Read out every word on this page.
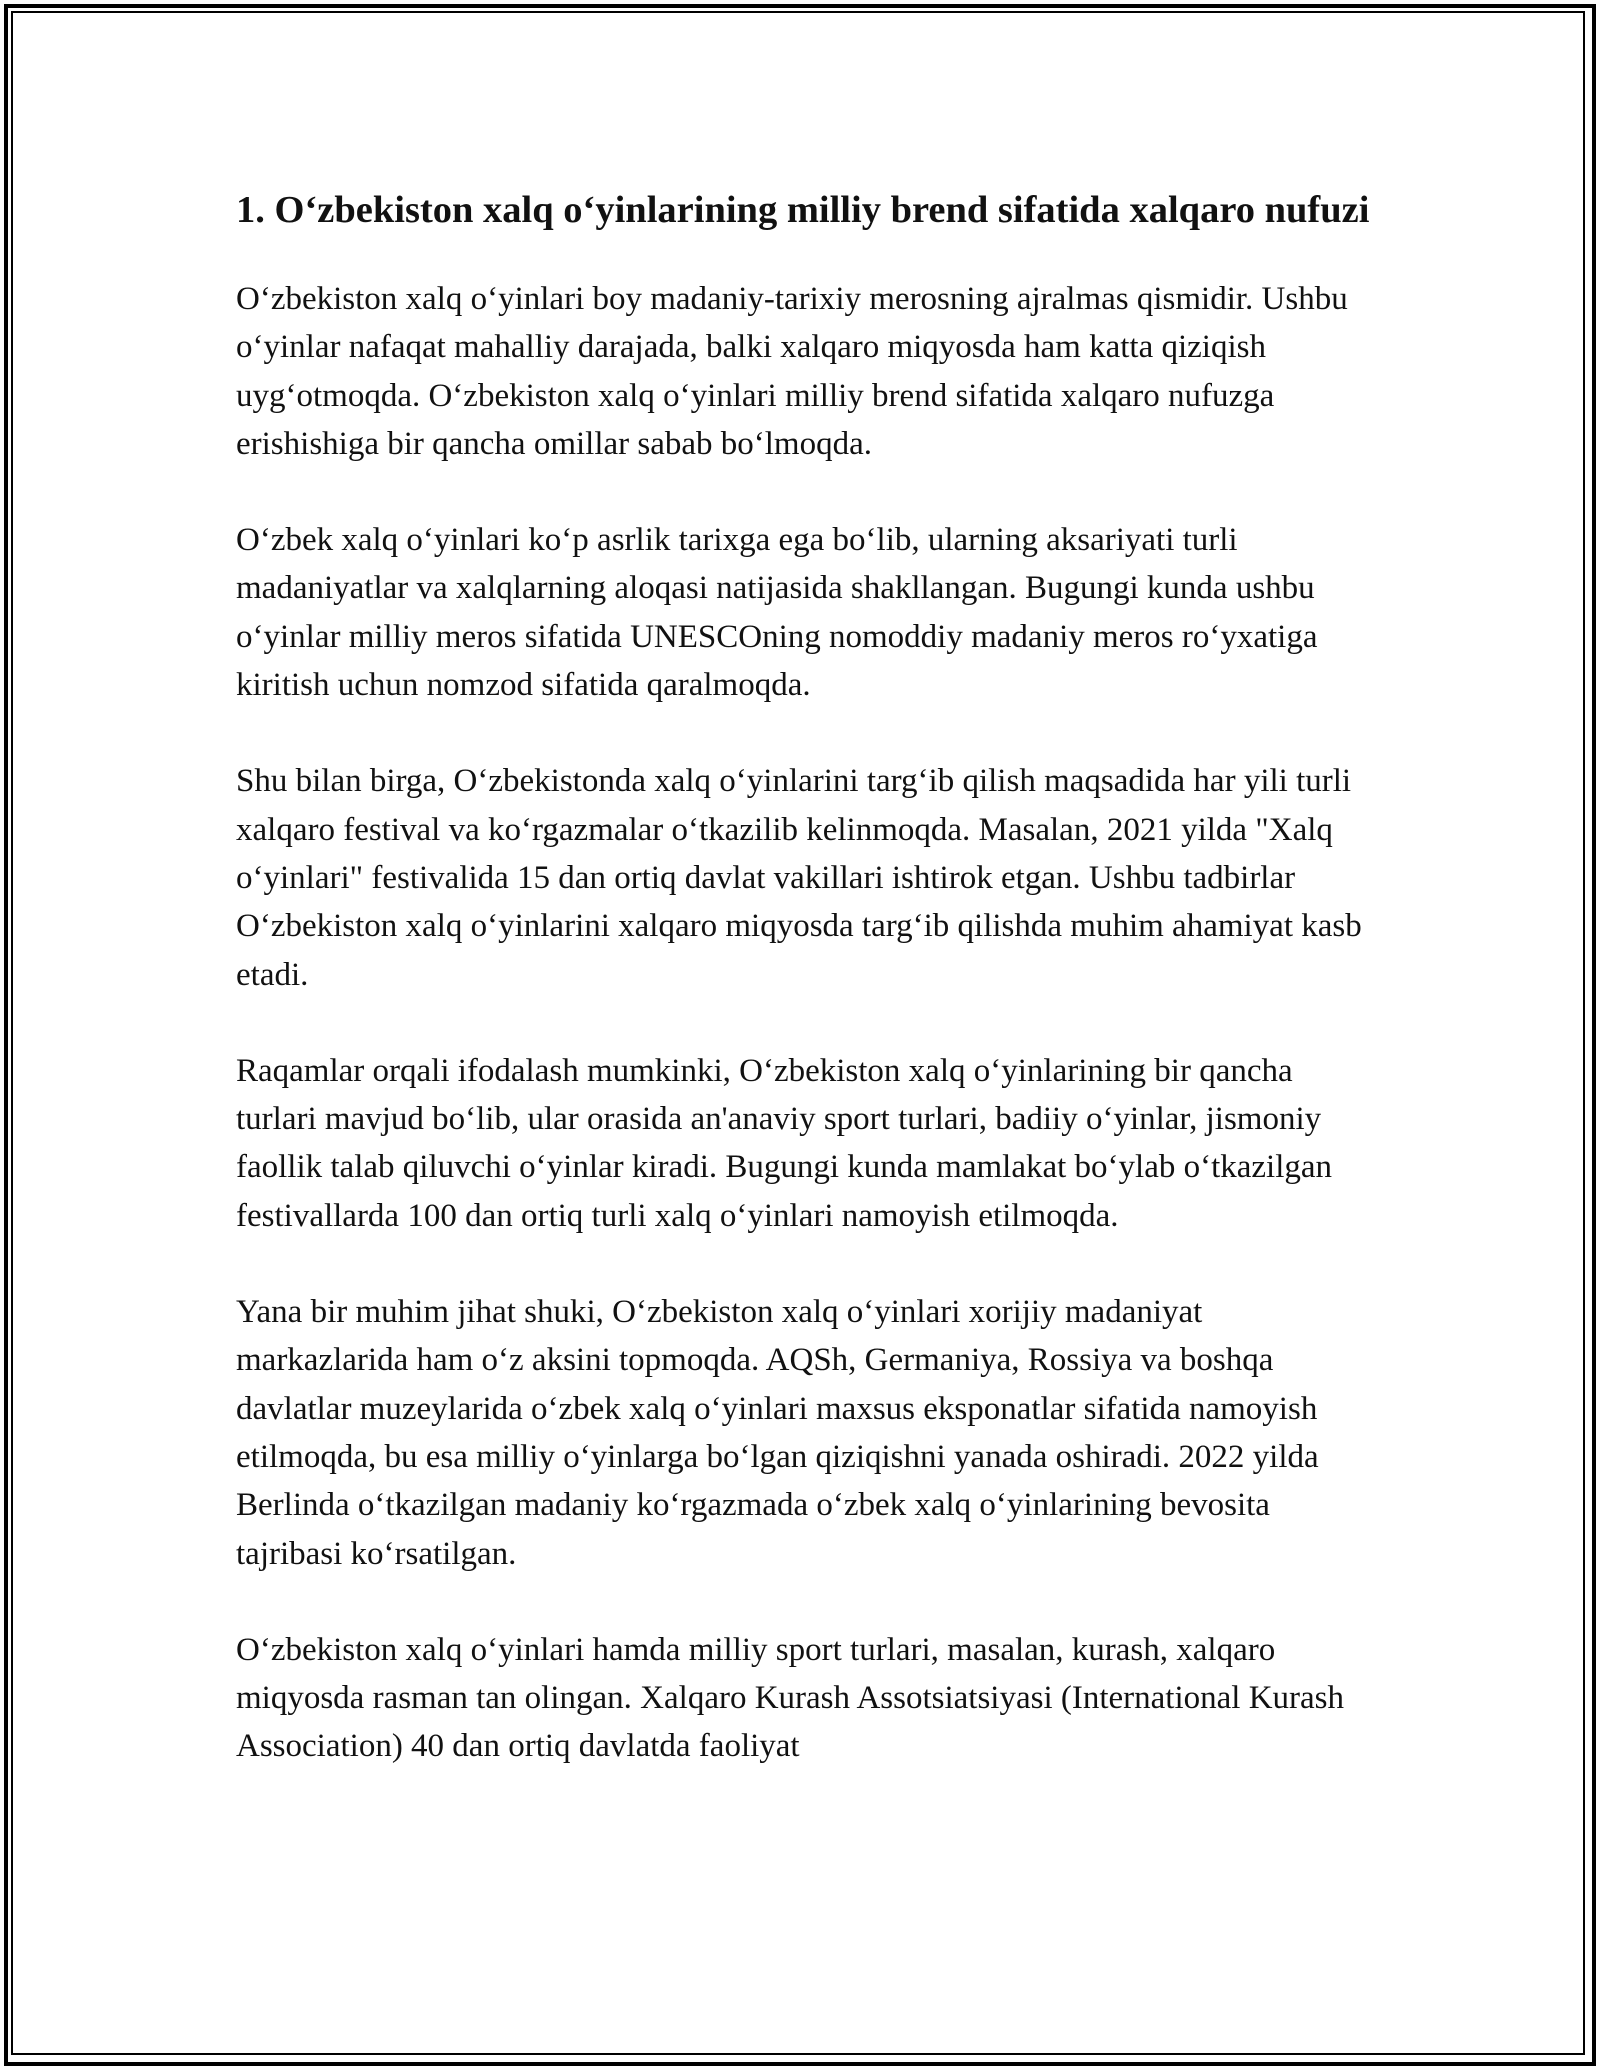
1. O‘zbekiston xalq o‘yinlarining milliy brend sifatida xalqaro nufuzi

O‘zbekiston xalq o‘yinlari boy madaniy-tarixiy merosning ajralmas qismidir. Ushbu o‘yinlar nafaqat mahalliy darajada, balki xalqaro miqyosda ham katta qiziqish uyg‘otmoqda. O‘zbekiston xalq o‘yinlari milliy brend sifatida xalqaro nufuzga erishishiga bir qancha omillar sabab bo‘lmoqda.

O‘zbek xalq o‘yinlari ko‘p asrlik tarixga ega bo‘lib, ularning aksariyati turli madaniyatlar va xalqlarning aloqasi natijasida shakllangan. Bugungi kunda ushbu o‘yinlar milliy meros sifatida UNESCOning nomoddiy madaniy meros ro‘yxatiga kiritish uchun nomzod sifatida qaralmoqda.

Shu bilan birga, O‘zbekistonda xalq o‘yinlarini targ‘ib qilish maqsadida har yili turli xalqaro festival va ko‘rgazmalar o‘tkazilib kelinmoqda. Masalan, 2021 yilda "Xalq o‘yinlari" festivalida 15 dan ortiq davlat vakillari ishtirok etgan. Ushbu tadbirlar O‘zbekiston xalq o‘yinlarini xalqaro miqyosda targ‘ib qilishda muhim ahamiyat kasb etadi.

Raqamlar orqali ifodalash mumkinki, O‘zbekiston xalq o‘yinlarining bir qancha turlari mavjud bo‘lib, ular orasida an'anaviy sport turlari, badiiy o‘yinlar, jismoniy faollik talab qiluvchi o‘yinlar kiradi. Bugungi kunda mamlakat bo‘ylab o‘tkazilgan festivallarda 100 dan ortiq turli xalq o‘yinlari namoyish etilmoqda.

Yana bir muhim jihat shuki, O‘zbekiston xalq o‘yinlari xorijiy madaniyat markazlarida ham o‘z aksini topmoqda. AQSh, Germaniya, Rossiya va boshqa davlatlar muzeylarida o‘zbek xalq o‘yinlari maxsus eksponatlar sifatida namoyish etilmoqda, bu esa milliy o‘yinlarga bo‘lgan qiziqishni yanada oshiradi. 2022 yilda Berlinda o‘tkazilgan madaniy ko‘rgazmada o‘zbek xalq o‘yinlarining bevosita tajribasi ko‘rsatilgan.

O‘zbekiston xalq o‘yinlari hamda milliy sport turlari, masalan, kurash, xalqaro miqyosda rasman tan olingan. Xalqaro Kurash Assotsiatsiyasi (International Kurash Association) 40 dan ortiq davlatda faoliyat
